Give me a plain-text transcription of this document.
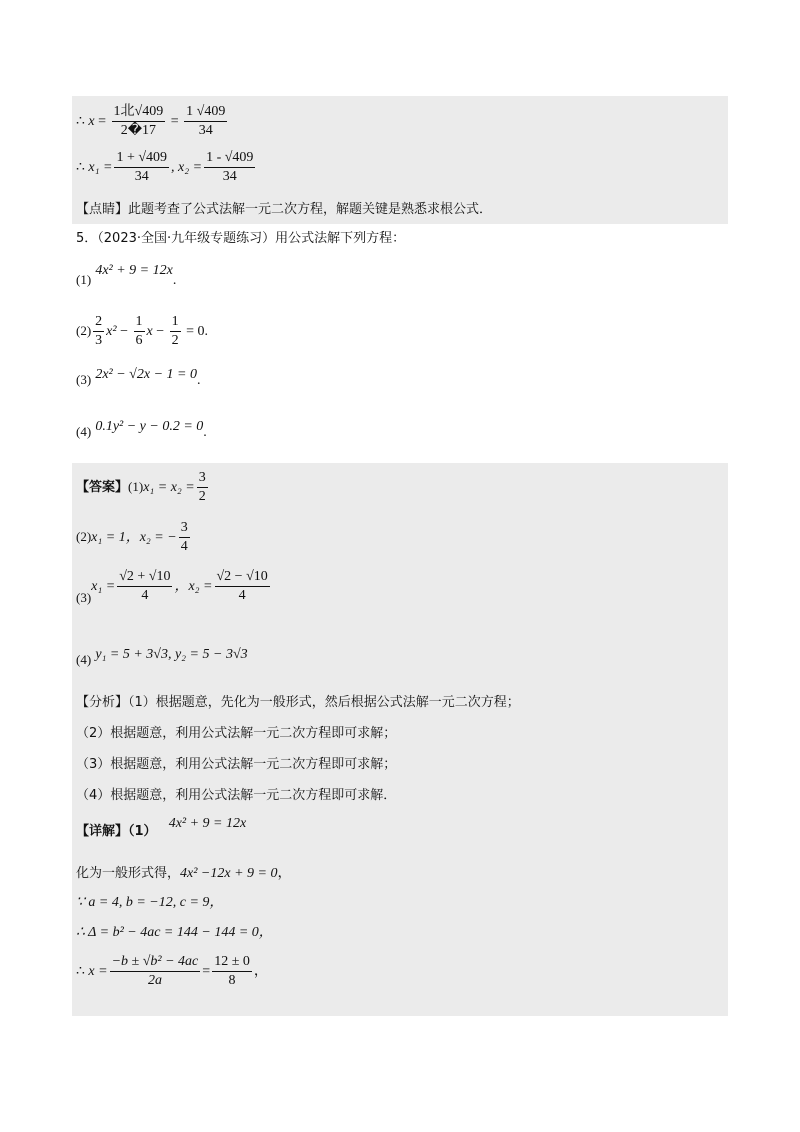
∴ $x = \frac{\text{1北√409}}{2�17} = \frac{1 √409}{34}$
∴ $x_1 = \frac{1 + √409}{34}$ , $x_2 = \frac{1 - √409}{34}$
【点睛】此题考查了公式法解一元二次方程，解题关键是熟悉求根公式．
5．（2023·全国·九年级专题练习）用公式法解下列方程：
(1) 4x² + 9 = 12x.
$(2) \frac{2}{3} x^2 - \frac{1}{6}$ $x - \frac{1}{2} = 0$.
(3) 2x² − √2x − 1 = 0.
(4) 0.1y² − y − 0.2 = 0.
【答案】$(1)x_1 = x_2 = \frac{3}{2}$
(2)x₁ = 1，x₂ = − $\frac{3}{4}$
$(3)x_1 = \frac{√2 + √10}{4}$ ，$x_2 = \frac{√2 - √10}{4}$
(4) y₁ = 5 + 3√3, y₂ = 5 − 3√3
【分析】（1）根据题意，先化为一般形式，然后根据公式法解一元二次方程；
（2）根据题意，利用公式法解一元二次方程即可求解；
（3）根据题意，利用公式法解一元二次方程即可求解；
（4）根据题意，利用公式法解一元二次方程即可求解．
【详解】（1） 4x² + 9 = 12x
化为一般形式得，4x² −12x + 9 = 0，
∵ a = 4, b = −12, c = 9，
∴ Δ = b² − 4ac = 144 − 144 = 0，
∴ $x = \frac{\text{−b ± √b² − 4ac}}{2a} = \frac{12 \pm 0}{8}$ ，
